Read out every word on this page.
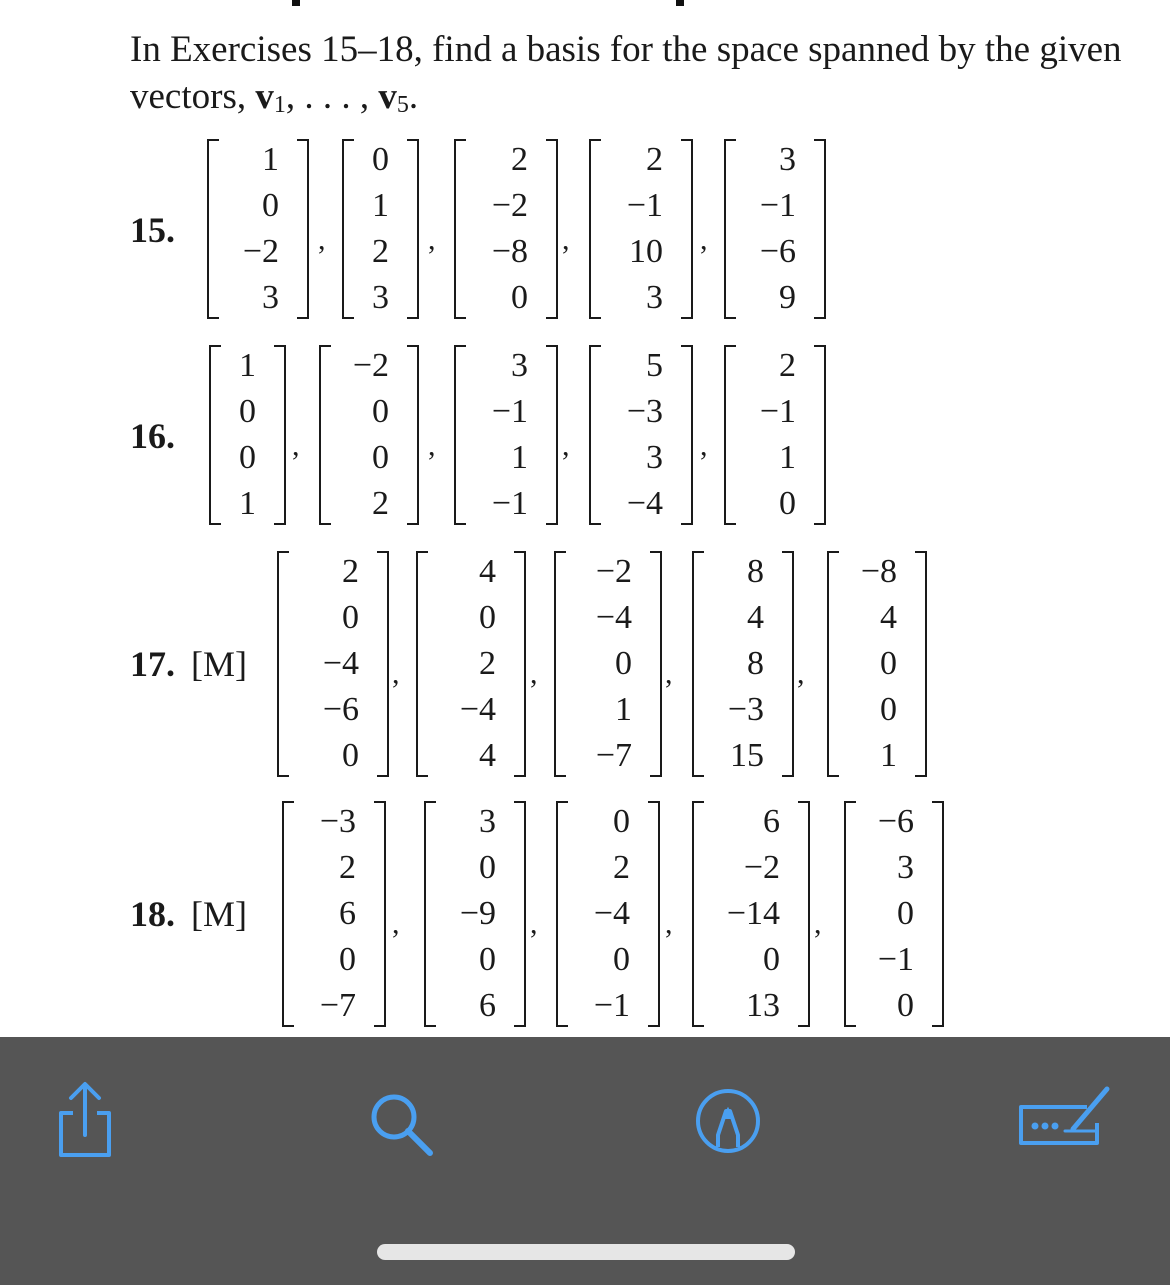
In Exercises 15–18, find a basis for the space spanned by the given vectors, $v_1$, . . . , $v_5$.
15.
1
0
−2
3
,
0
1
2
3
,
2
−2
−8
0
,
2
−1
10
3
,
3
−1
−6
9
16.
1
0
0
1
,
−2
0
0
2
,
3
−1
1
−1
,
5
−3
3
−4
,
2
−1
1
0
17. [M]
2
0
−4
−6
0
,
4
0
2
−4
4
,
−2
−4
0
1
−7
,
8
4
8
−3
15
,
−8
4
0
0
1
18. [M]
−3
2
6
0
−7
,
3
0
−9
0
6
,
0
2
−4
0
−1
,
6
−2
−14
0
13
,
−6
3
0
−1
0
